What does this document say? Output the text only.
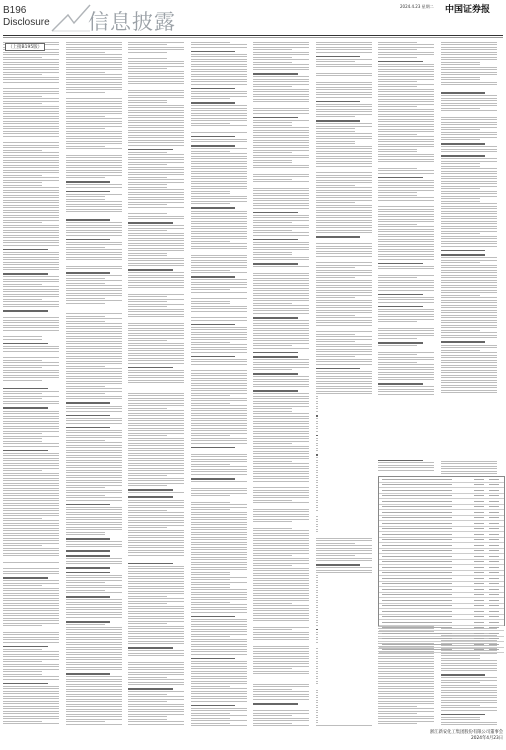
B196
Disclosure 信息披露
2024.4.23 星期二 中国证券报
（上接B195版）
浙江新安化工集团股份有限公司董事会
2024年4月23日
